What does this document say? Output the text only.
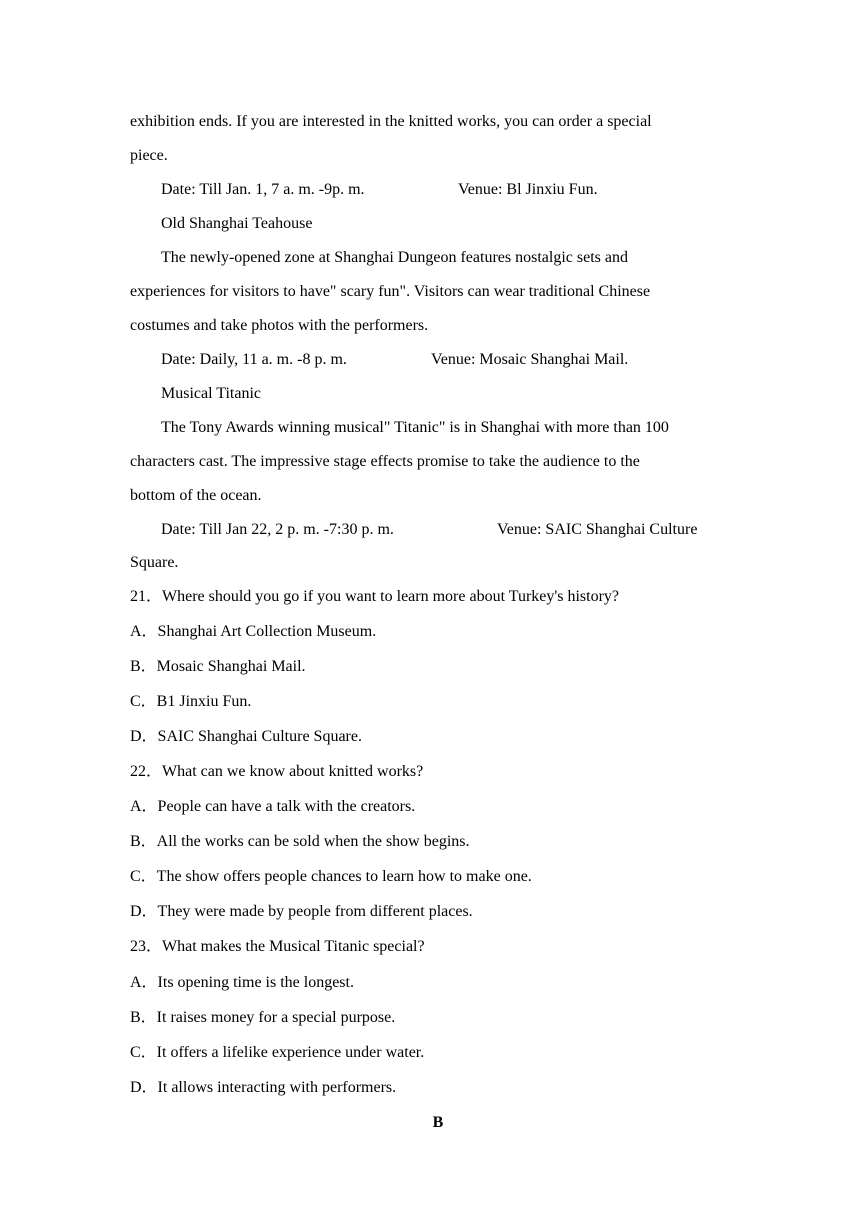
exhibition ends. If you are interested in the knitted works, you can order a special
piece.
Date: Till Jan. 1, 7 a. m. -9p. m.	Venue: Bl Jinxiu Fun.
Old Shanghai Teahouse
The newly-opened zone at Shanghai Dungeon features nostalgic sets and
experiences for visitors to have" scary fun". Visitors can wear traditional Chinese
costumes and take photos with the performers.
Date: Daily, 11 a. m. -8 p. m.	Venue: Mosaic Shanghai Mail.
Musical Titanic
The Tony Awards winning musical" Titanic" is in Shanghai with more than 100
characters cast. The impressive stage effects promise to take the audience to the
bottom of the ocean.
Date: Till Jan 22, 2 p. m. -7:30 p. m.	Venue: SAIC Shanghai Culture
Square.
21．Where should you go if you want to learn more about Turkey's history?
A．Shanghai Art Collection Museum.
B．Mosaic Shanghai Mail.
C．B1 Jinxiu Fun.
D．SAIC Shanghai Culture Square.
22．What can we know about knitted works?
A．People can have a talk with the creators.
B．All the works can be sold when the show begins.
C．The show offers people chances to learn how to make one.
D．They were made by people from different places.
23．What makes the Musical Titanic special?
A．Its opening time is the longest.
B．It raises money for a special purpose.
C．It offers a lifelike experience under water.
D．It allows interacting with performers.
B
